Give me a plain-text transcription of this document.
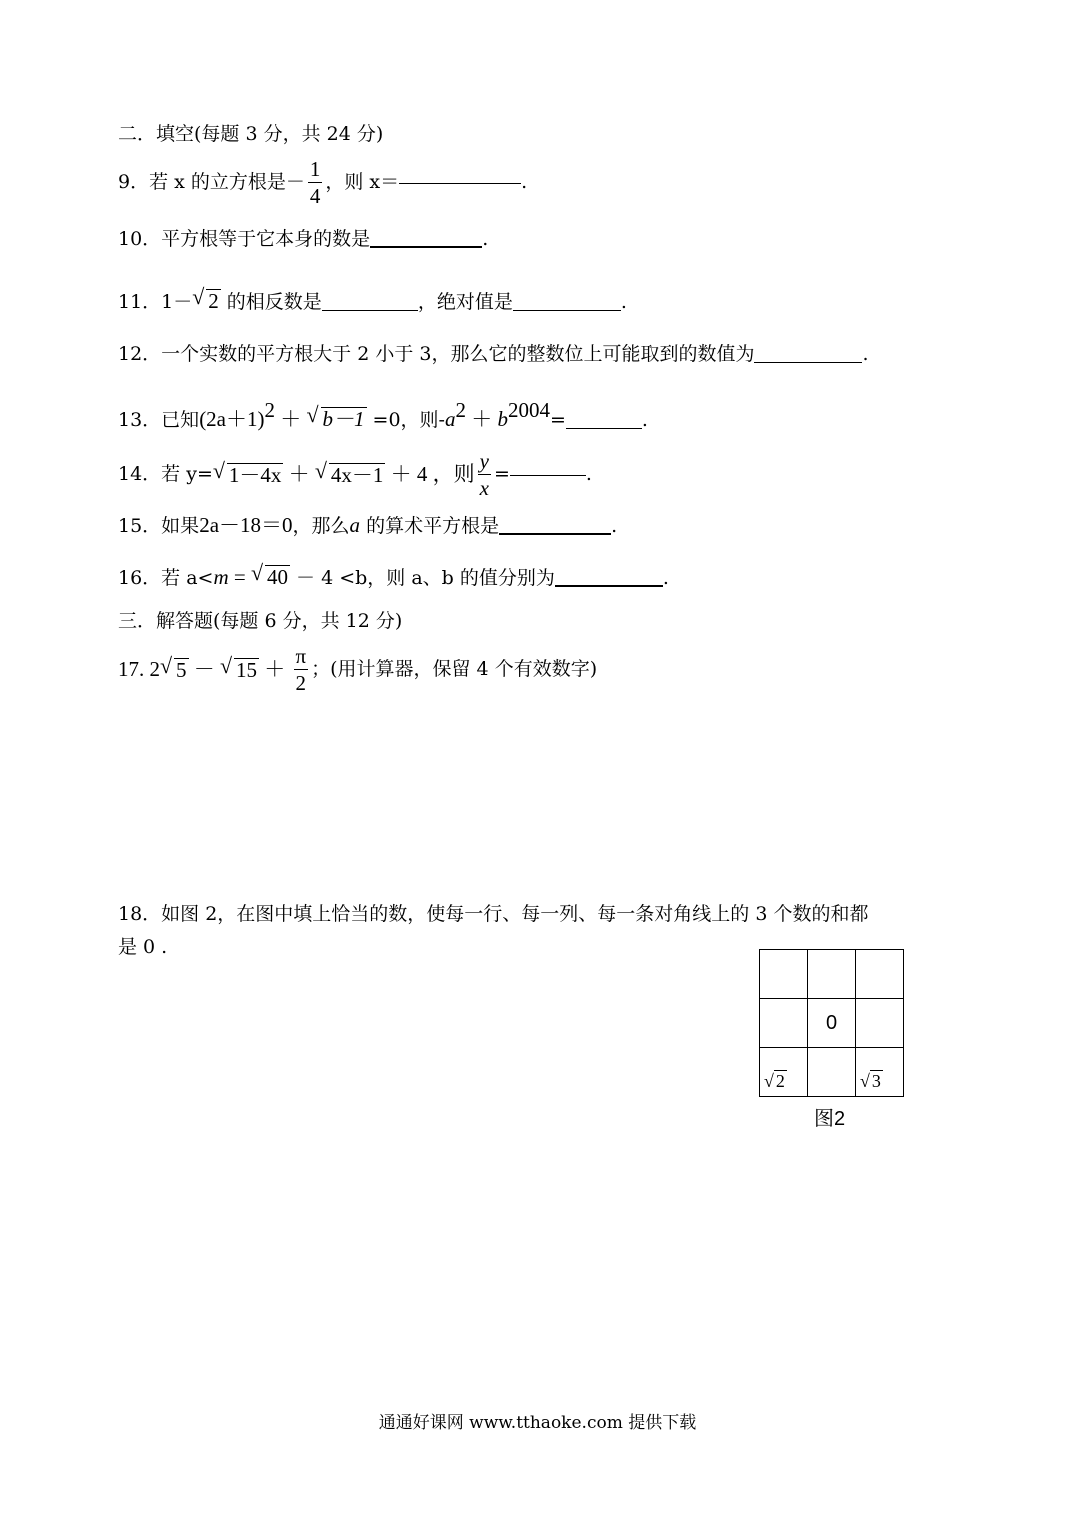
二．填空(每题 3 分，共 24 分)
9．若 x 的立方根是－ $\frac{1}{4}$ ，则 x＝	.
10．平方根等于它本身的数是	.
11．1－ √ 2 的相反数是	，绝对值是	.
12．一个实数的平方根大于 2 小于 3，那么它的整数位上可能取到的数值为	.
13．已知$(2a+1)^2$ ＋ √ b－1 =0，则$-a^2 + b^{2004}=$	.
14．若 y= √ 1－4x ＋ √ 4x－1 ＋ 4 ，则 $\frac{y}{x}$ =	.
15．如果2a－18＝0，那么a 的算术平方根是	.
16．若 a<m = √ 40 － 4 <b，则 a、b 的值分别为	.
三．解答题(每题 6 分，共 12 分)
17. 2 √ 5 － √ $15 + \frac{\pi}{2}$ ；(用计算器，保留 4 个有效数字)
18．如图 2，在图中填上恰当的数，使每一行、每一列、每一条对角线上的 3 个数的和都
是 0 .

	0	

√ 2		√ 3
图2
通通好课网 www.tthaoke.com 提供下载
